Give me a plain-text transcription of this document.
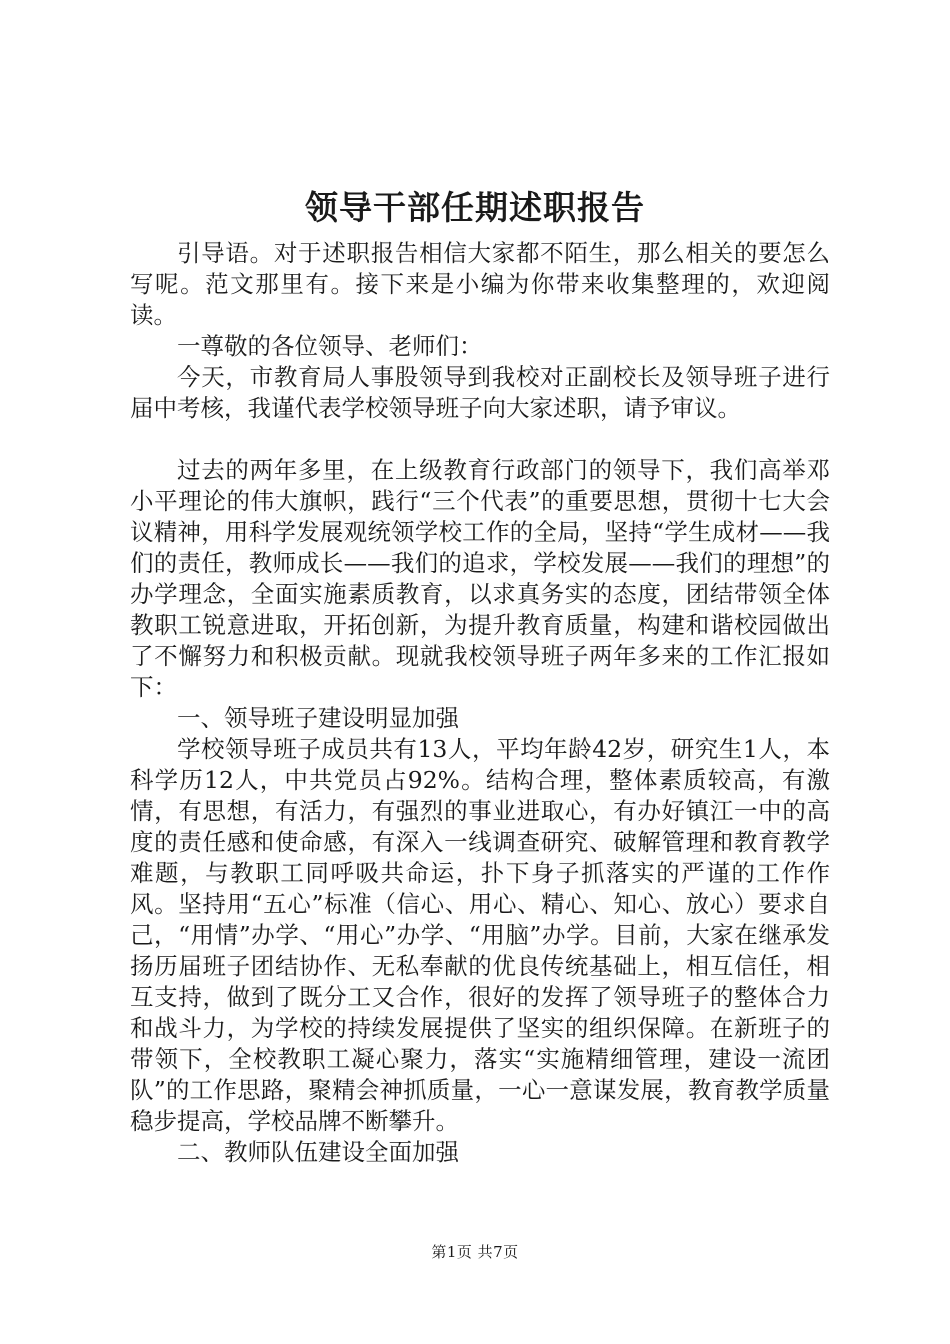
领导干部任期述职报告

引导语。对于述职报告相信大家都不陌生，那么相关的要怎么写呢。范文那里有。接下来是小编为你带来收集整理的，欢迎阅读。

一尊敬的各位领导、老师们：

今天，市教育局人事股领导到我校对正副校长及领导班子进行届中考核，我谨代表学校领导班子向大家述职，请予审议。

过去的两年多里，在上级教育行政部门的领导下，我们高举邓小平理论的伟大旗帜，践行“三个代表”的重要思想，贯彻十七大会议精神，用科学发展观统领学校工作的全局，坚持“学生成材——我们的责任，教师成长——我们的追求，学校发展——我们的理想”的办学理念，全面实施素质教育，以求真务实的态度，团结带领全体教职工锐意进取，开拓创新，为提升教育质量，构建和谐校园做出了不懈努力和积极贡献。现就我校领导班子两年多来的工作汇报如下：

一、领导班子建设明显加强

学校领导班子成员共有13人，平均年龄42岁，研究生1人，本科学历12人，中共党员占92%。结构合理，整体素质较高，有激情，有思想，有活力，有强烈的事业进取心，有办好镇江一中的高度的责任感和使命感，有深入一线调查研究、破解管理和教育教学难题，与教职工同呼吸共命运，扑下身子抓落实的严谨的工作作风。坚持用“五心”标准（信心、用心、精心、知心、放心）要求自己，“用情”办学、“用心”办学、“用脑”办学。目前，大家在继承发扬历届班子团结协作、无私奉献的优良传统基础上，相互信任，相互支持，做到了既分工又合作，很好的发挥了领导班子的整体合力和战斗力，为学校的持续发展提供了坚实的组织保障。在新班子的带领下，全校教职工凝心聚力，落实“实施精细管理，建设一流团队”的工作思路，聚精会神抓质量，一心一意谋发展，教育教学质量稳步提高，学校品牌不断攀升。

二、教师队伍建设全面加强

第1页 共7页
